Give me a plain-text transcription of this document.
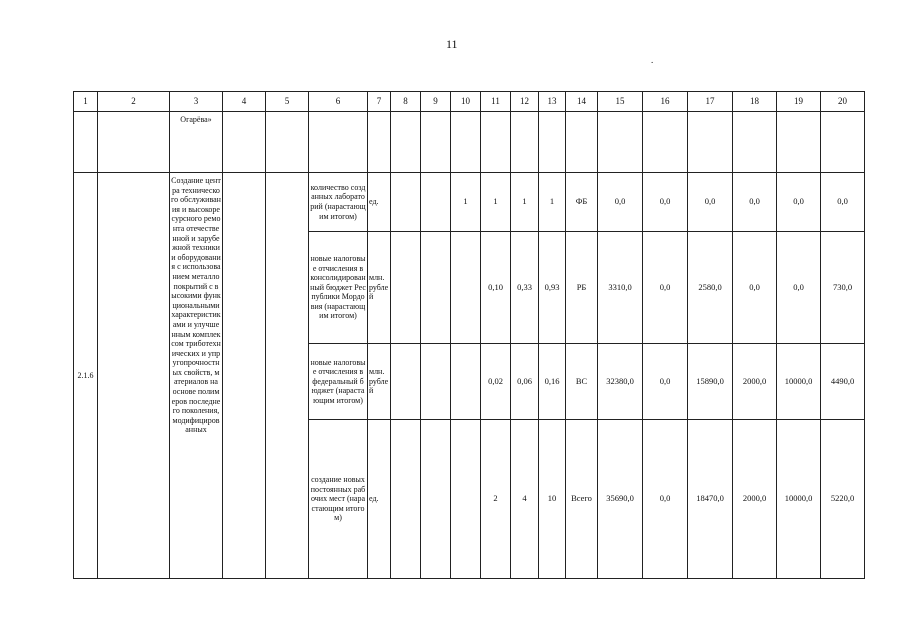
11
.
1	2	3	4	5	6	7	8	9	10	11	12	13	14	15	16	17	18	19	20
		Огарёва»																	
2.1.6		Создание центра технического обслуживания и высокоресурсного ремонта отечественной и зарубежной техники и оборудования с использованием металлопокрытий с высокими функциональными характеристиками и улучшенным комплексом триботехнических и упругопрочностных свойств, материалов на основе полимеров последнего поколения, модифицированных			количество созданных лабораторий (нарастающим итогом)	ед.			1	1	1	1	ФБ	0,0	0,0	0,0	0,0	0,0	0,0
					новые налоговые отчисления в консолидированный бюджет Республики Мордовия (нарастающим итогом)	млн. рублей				0,10	0,33	0,93	РБ	3310,0	0,0	2580,0	0,0	0,0	730,0
					новые налоговые отчисления в федеральный бюджет (нарастающим итогом)	млн. рублей				0,02	0,06	0,16	ВС	32380,0	0,0	15890,0	2000,0	10000,0	4490,0
					создание новых постоянных рабочих мест (нарастающим итогом)	ед.				2	4	10	Всего	35690,0	0,0	18470,0	2000,0	10000,0	5220,0
